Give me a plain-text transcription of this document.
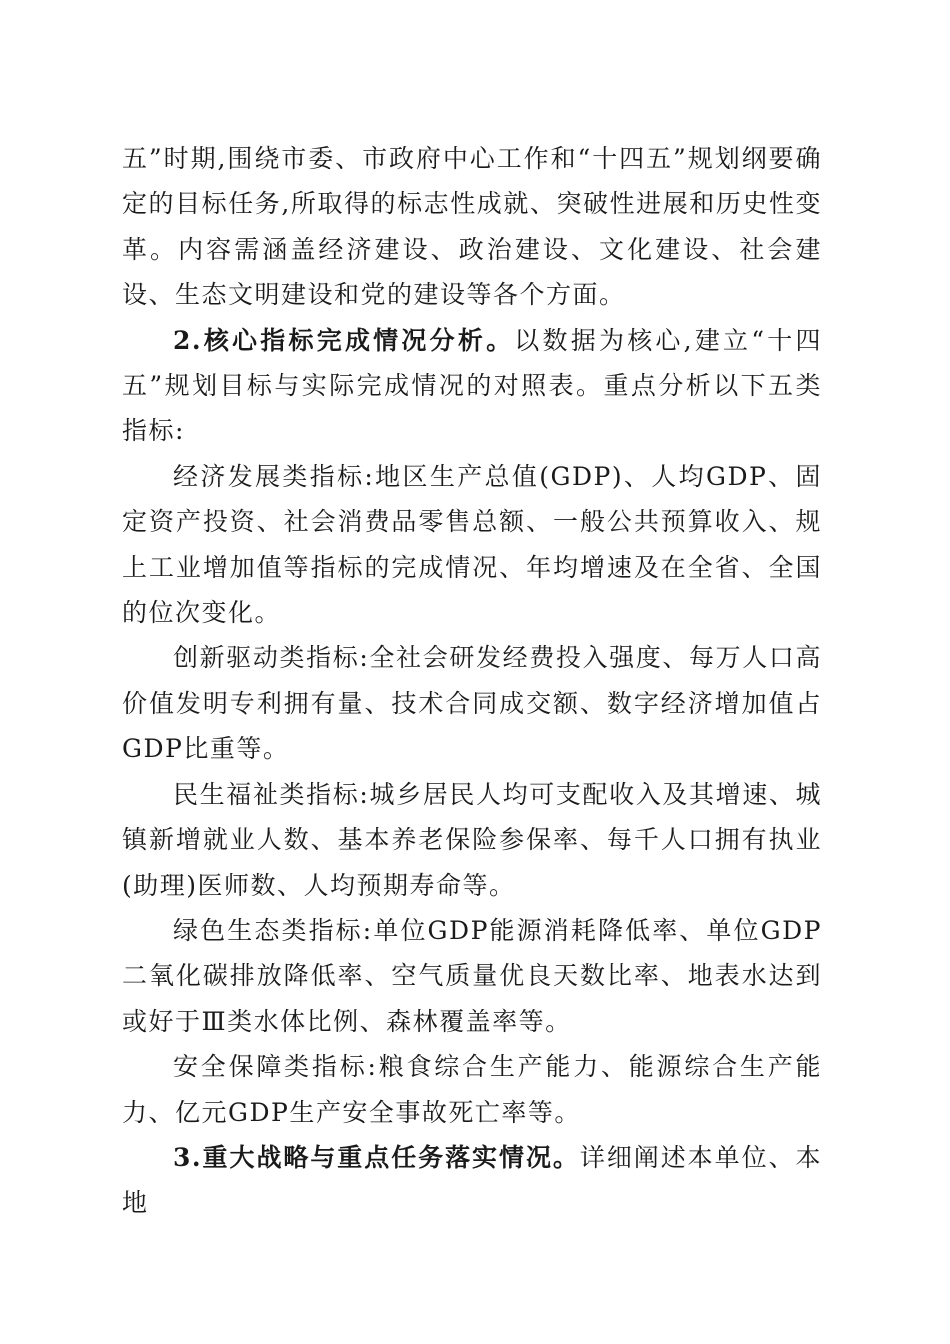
五”时期,围绕市委、市政府中心工作和“十四五”规划纲要确定的目标任务,所取得的标志性成就、突破性进展和历史性变革。内容需涵盖经济建设、政治建设、文化建设、社会建设、生态文明建设和党的建设等各个方面。

2.核心指标完成情况分析。以数据为核心,建立“十四五”规划目标与实际完成情况的对照表。重点分析以下五类指标:

经济发展类指标:地区生产总值(GDP)、人均GDP、固定资产投资、社会消费品零售总额、一般公共预算收入、规上工业增加值等指标的完成情况、年均增速及在全省、全国的位次变化。

创新驱动类指标:全社会研发经费投入强度、每万人口高价值发明专利拥有量、技术合同成交额、数字经济增加值占GDP比重等。

民生福祉类指标:城乡居民人均可支配收入及其增速、城镇新增就业人数、基本养老保险参保率、每千人口拥有执业(助理)医师数、人均预期寿命等。

绿色生态类指标:单位GDP能源消耗降低率、单位GDP二氧化碳排放降低率、空气质量优良天数比率、地表水达到或好于Ⅲ类水体比例、森林覆盖率等。

安全保障类指标:粮食综合生产能力、能源综合生产能力、亿元GDP生产安全事故死亡率等。

3.重大战略与重点任务落实情况。详细阐述本单位、本地
